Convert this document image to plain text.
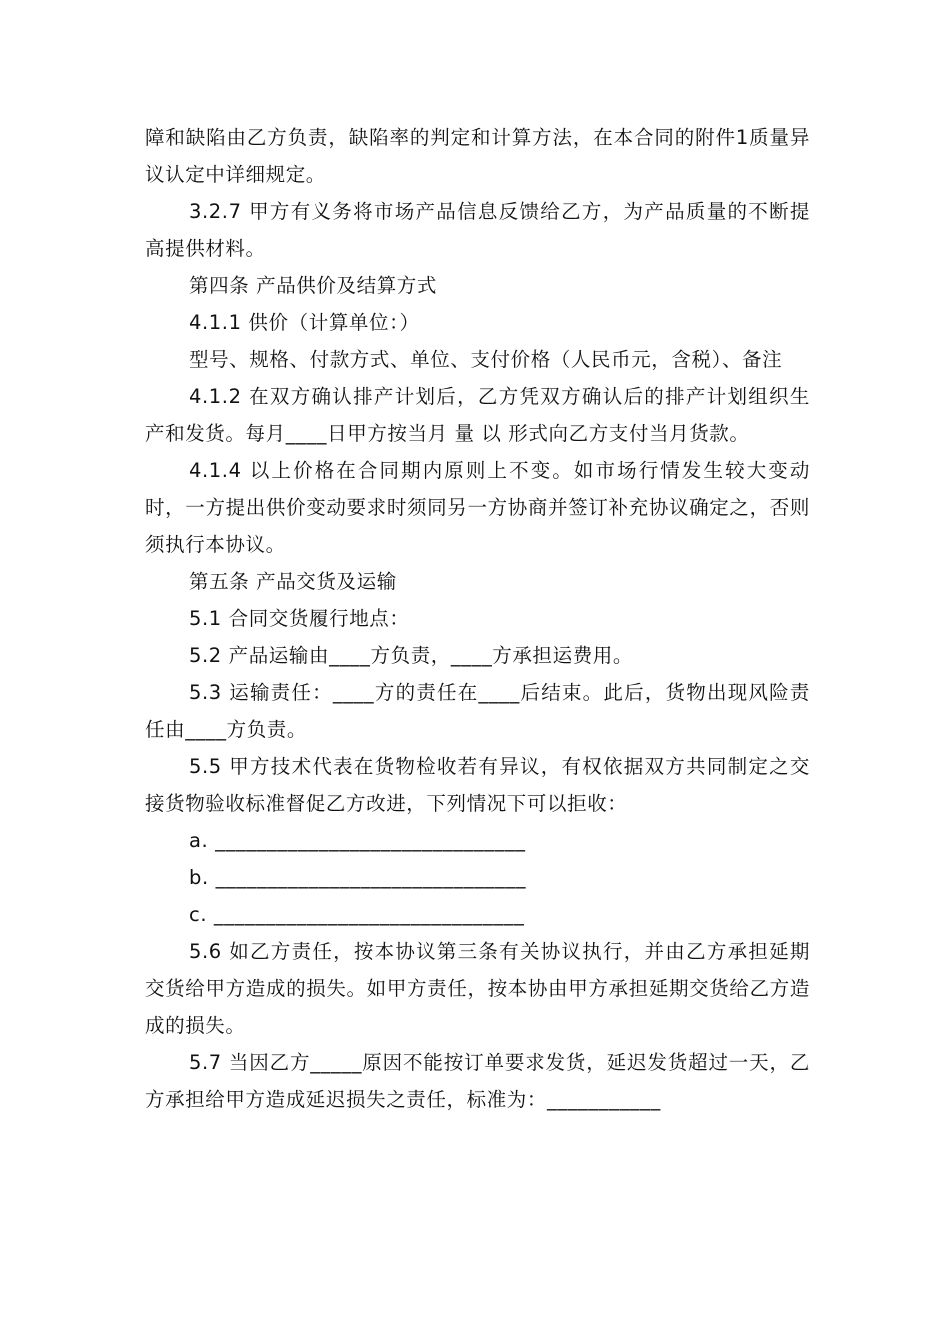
障和缺陷由乙方负责，缺陷率的判定和计算方法，在本合同的附件1质量异议认定中详细规定。

3.2.7 甲方有义务将市场产品信息反馈给乙方，为产品质量的不断提高提供材料。

第四条 产品供价及结算方式

4.1.1 供价（计算单位：）

型号、规格、付款方式、单位、支付价格（人民币元，含税）、备注

4.1.2 在双方确认排产计划后，乙方凭双方确认后的排产计划组织生产和发货。每月____日甲方按当月 量 以 形式向乙方支付当月货款。

4.1.4 以上价格在合同期内原则上不变。如市场行情发生较大变动时，一方提出供价变动要求时须同另一方协商并签订补充协议确定之，否则须执行本协议。

第五条 产品交货及运输

5.1 合同交货履行地点：

5.2 产品运输由____方负责，____方承担运费用。

5.3 运输责任：____方的责任在____后结束。此后，货物出现风险责任由____方负责。

5.5 甲方技术代表在货物检收若有异议，有权依据双方共同制定之交接货物验收标准督促乙方改进，下列情况下可以拒收：

a. ______________________________

b. ______________________________

c. ______________________________

5.6 如乙方责任，按本协议第三条有关协议执行，并由乙方承担延期交货给甲方造成的损失。如甲方责任，按本协由甲方承担延期交货给乙方造成的损失。

5.7 当因乙方_____原因不能按订单要求发货，延迟发货超过一天，乙方承担给甲方造成延迟损失之责任，标准为：___________
